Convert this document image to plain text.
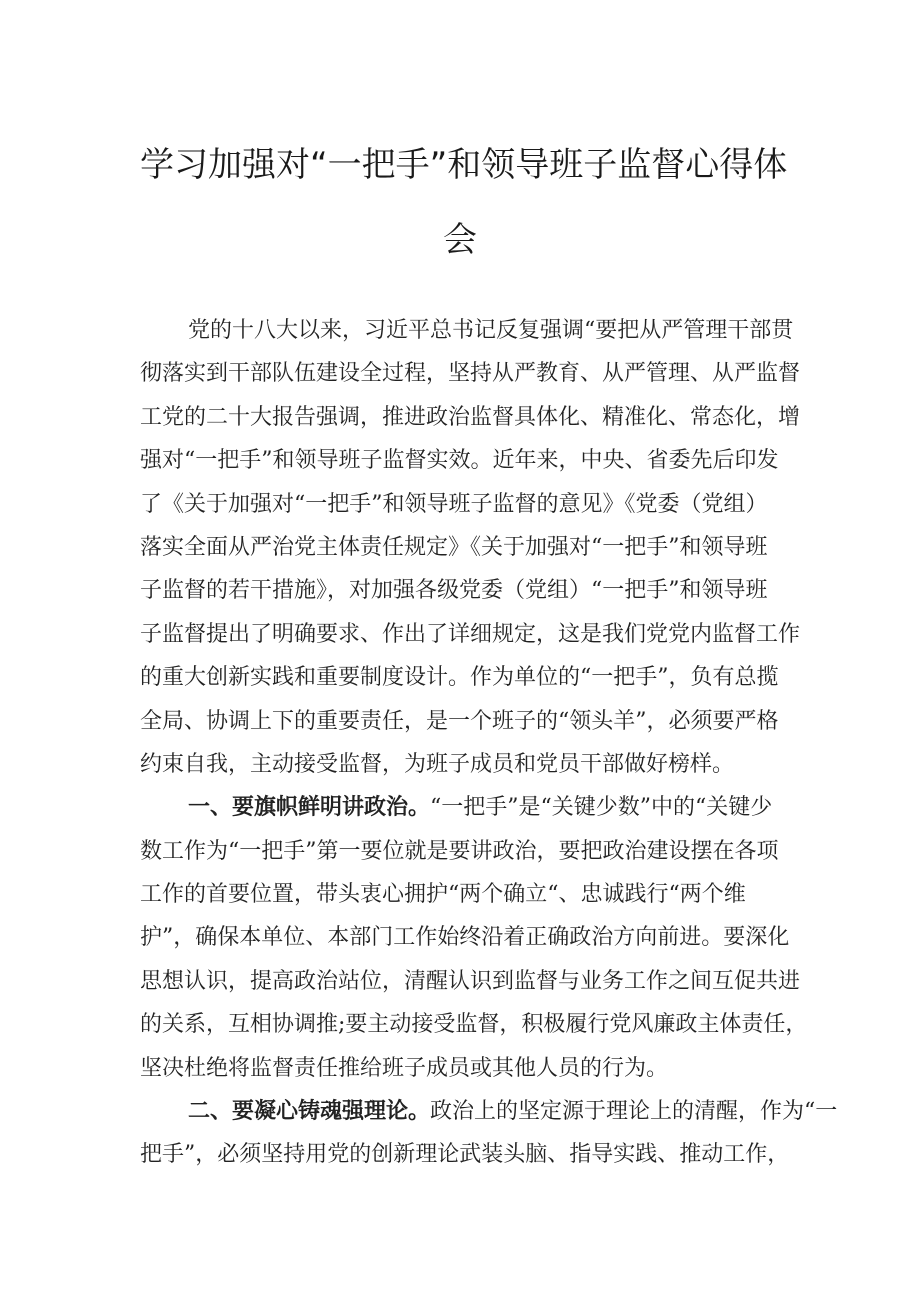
学习加强对“一把手”和领导班子监督心得体
会
党的十八大以来，习近平总书记反复强调“要把从严管理干部贯
彻落实到干部队伍建设全过程，坚持从严教育、从严管理、从严监督
工党的二十大报告强调，推进政治监督具体化、精准化、常态化，增
强对“一把手”和领导班子监督实效。近年来，中央、省委先后印发
了《关于加强对“一把手”和领导班子监督的意见》《党委（党组）
落实全面从严治党主体责任规定》《关于加强对“一把手”和领导班
子监督的若干措施》，对加强各级党委（党组）“一把手”和领导班
子监督提出了明确要求、作出了详细规定，这是我们党党内监督工作
的重大创新实践和重要制度设计。作为单位的“一把手”，负有总揽
全局、协调上下的重要责任，是一个班子的“领头羊”，必须要严格
约束自我，主动接受监督，为班子成员和党员干部做好榜样。
一、要旗帜鲜明讲政治。“一把手”是“关键少数”中的“关键少
数工作为“一把手”第一要位就是要讲政治，要把政治建设摆在各项
工作的首要位置，带头衷心拥护“两个确立“、忠诚践行“两个维
护”，确保本单位、本部门工作始终沿着正确政治方向前进。要深化
思想认识，提高政治站位，清醒认识到监督与业务工作之间互促共进
的关系，互相协调推;要主动接受监督，积极履行党风廉政主体责任，
坚决杜绝将监督责任推给班子成员或其他人员的行为。
二、要凝心铸魂强理论。政治上的坚定源于理论上的清醒，作为“一
把手”，必须坚持用党的创新理论武装头脑、指导实践、推动工作，
